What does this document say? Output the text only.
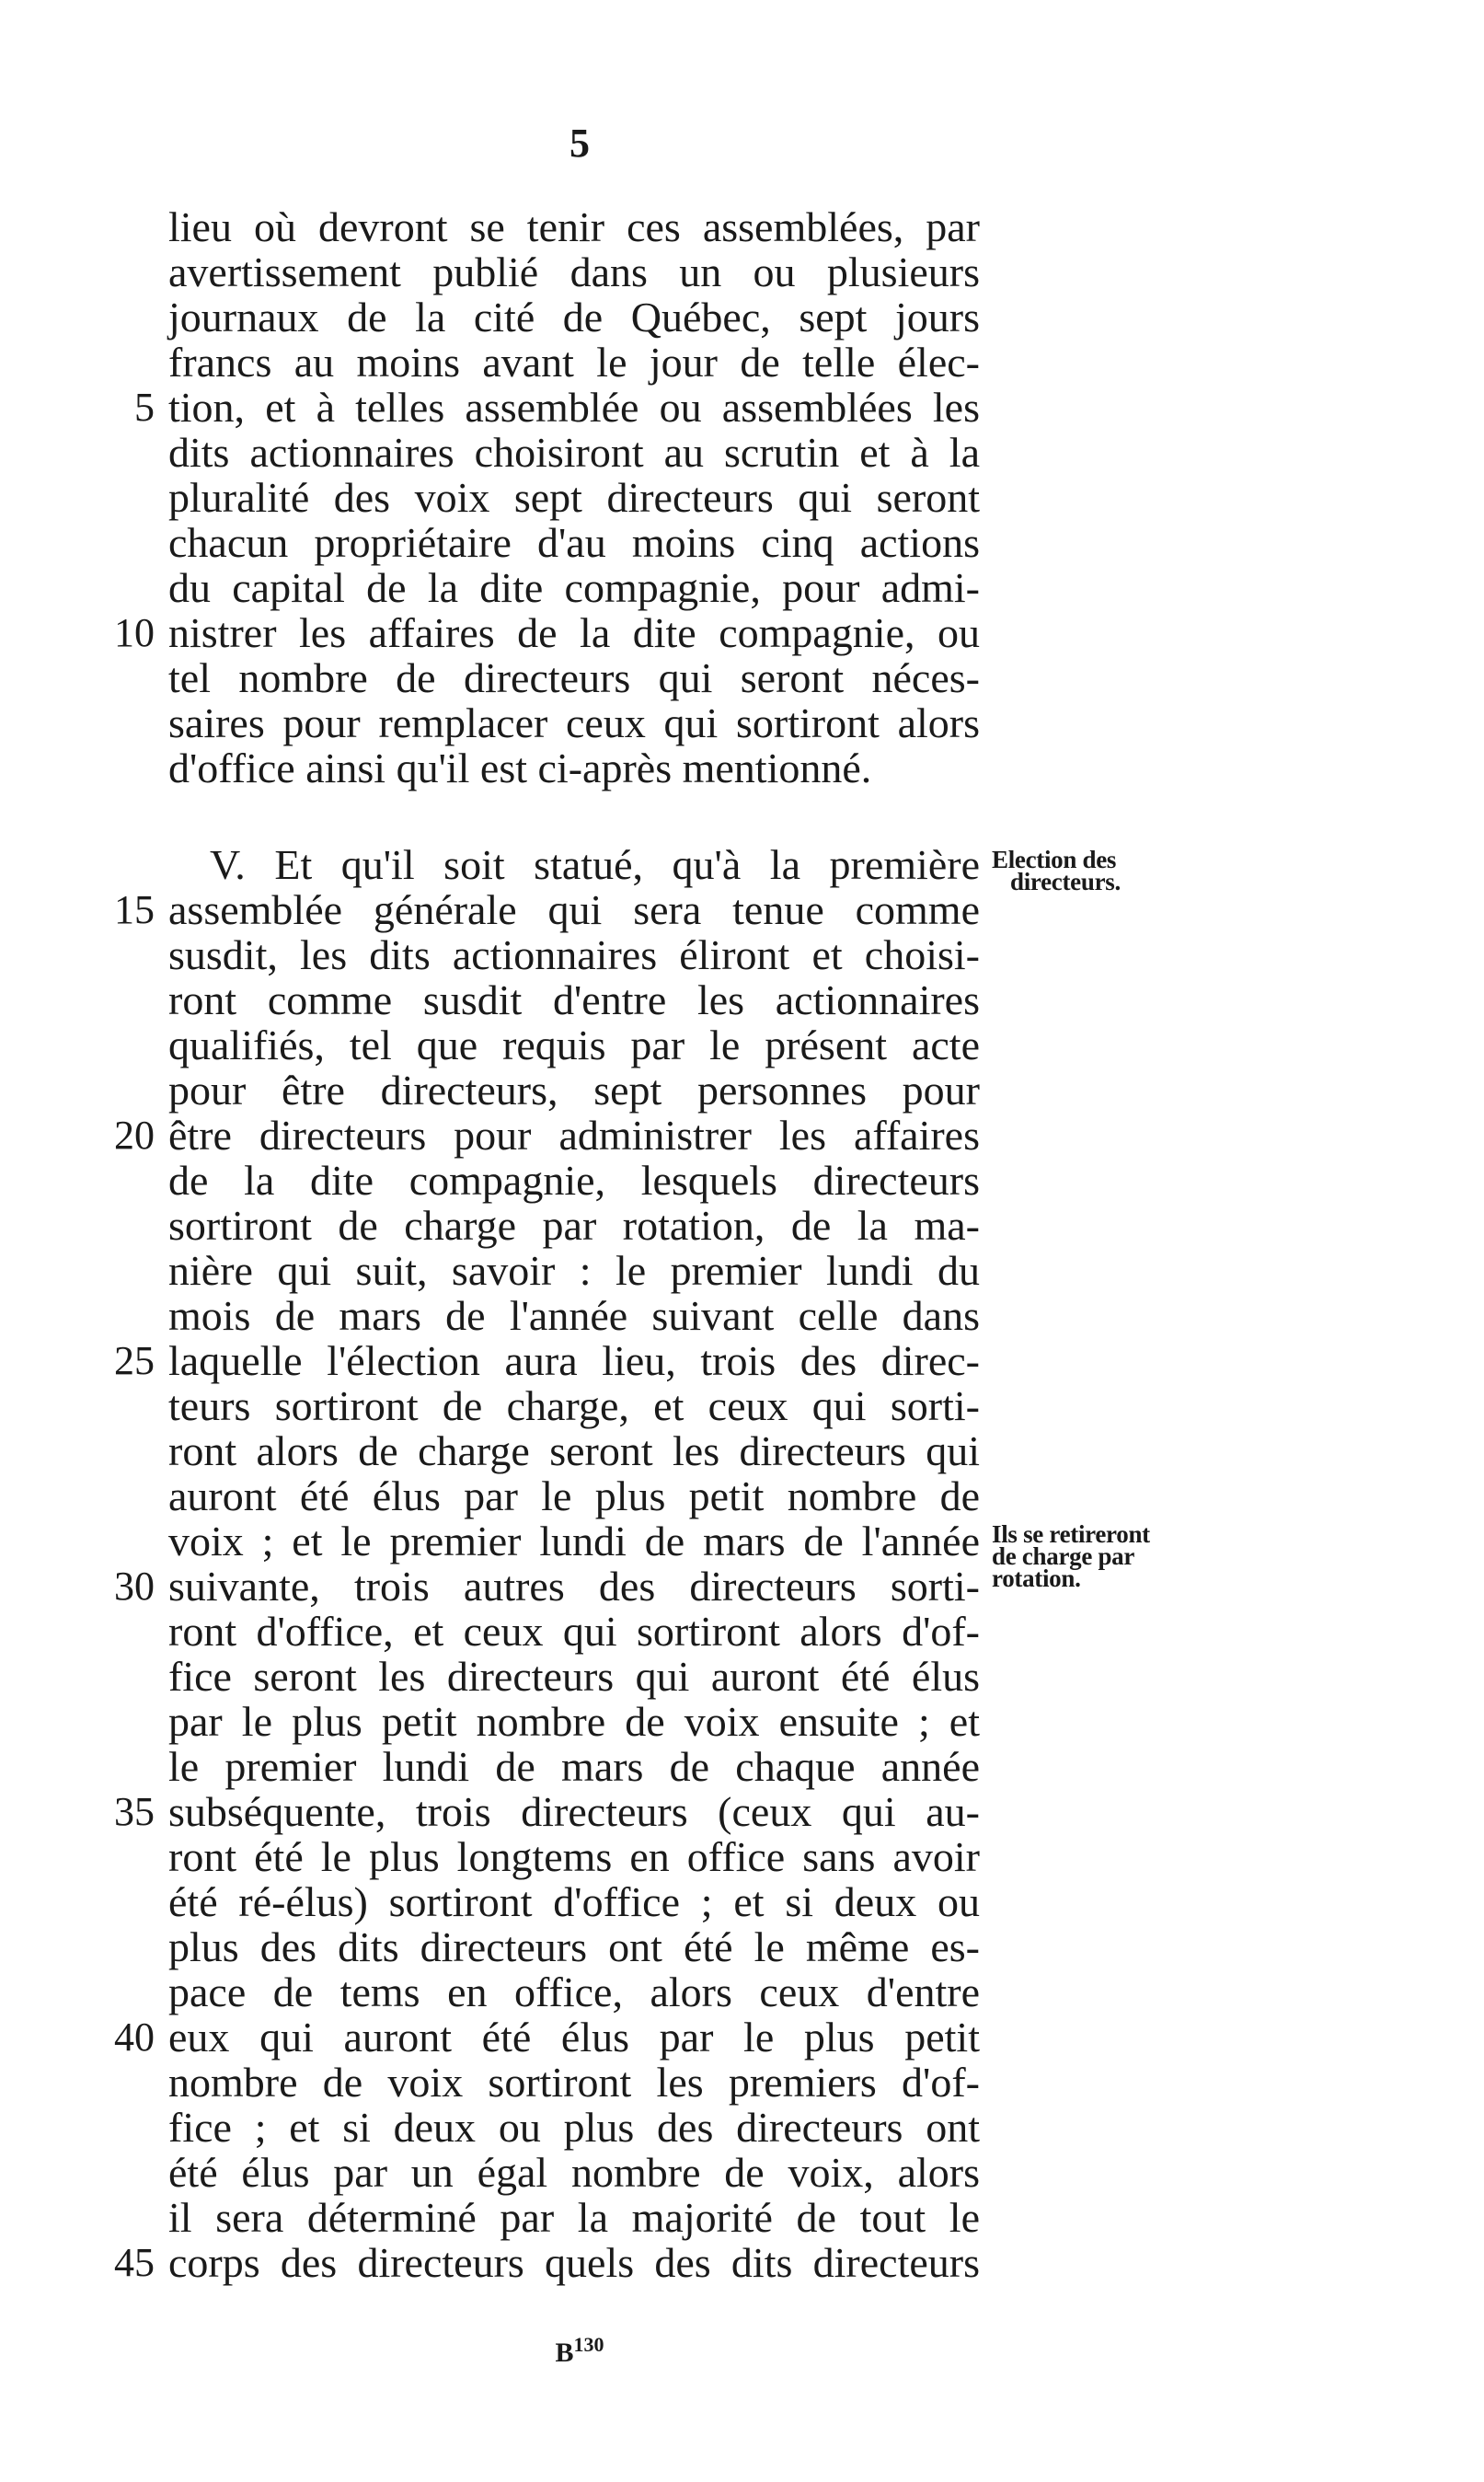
5
lieu où devront se tenir ces assemblées, par
avertissement publié dans un ou plusieurs
journaux de la cité de Québec, sept jours
francs au moins avant le jour de telle élec-
tion, et à telles assemblée ou assemblées les
dits actionnaires choisiront au scrutin et à la
pluralité des voix sept directeurs qui seront
chacun propriétaire d'au moins cinq actions
du capital de la dite compagnie, pour admi-
nistrer les affaires de la dite compagnie, ou
tel nombre de directeurs qui seront néces-
saires pour remplacer ceux qui sortiront alors
d'office ainsi qu'il est ci-après mentionné.
V. Et qu'il soit statué, qu'à la première
assemblée générale qui sera tenue comme
susdit, les dits actionnaires éliront et choisi-
ront comme susdit d'entre les actionnaires
qualifiés, tel que requis par le présent acte
pour être directeurs, sept personnes pour
être directeurs pour administrer les affaires
de la dite compagnie, lesquels directeurs
sortiront de charge par rotation, de la ma-
nière qui suit, savoir : le premier lundi du
mois de mars de l'année suivant celle dans
laquelle l'élection aura lieu, trois des direc-
teurs sortiront de charge, et ceux qui sorti-
ront alors de charge seront les directeurs qui
auront été élus par le plus petit nombre de
voix ; et le premier lundi de mars de l'année
suivante, trois autres des directeurs sorti-
ront d'office, et ceux qui sortiront alors d'of-
fice seront les directeurs qui auront été élus
par le plus petit nombre de voix ensuite ; et
le premier lundi de mars de chaque année
subséquente, trois directeurs (ceux qui au-
ront été le plus longtems en office sans avoir
été ré-élus) sortiront d'office ; et si deux ou
plus des dits directeurs ont été le même es-
pace de tems en office, alors ceux d'entre
eux qui auront été élus par le plus petit
nombre de voix sortiront les premiers d'of-
fice ; et si deux ou plus des directeurs ont
été élus par un égal nombre de voix, alors
il sera déterminé par la majorité de tout le
corps des directeurs quels des dits directeurs
5
10
15
20
25
30
35
40
45
Election des
directeurs.
Ils se retireront
de charge par
rotation.
$B^{130}$
